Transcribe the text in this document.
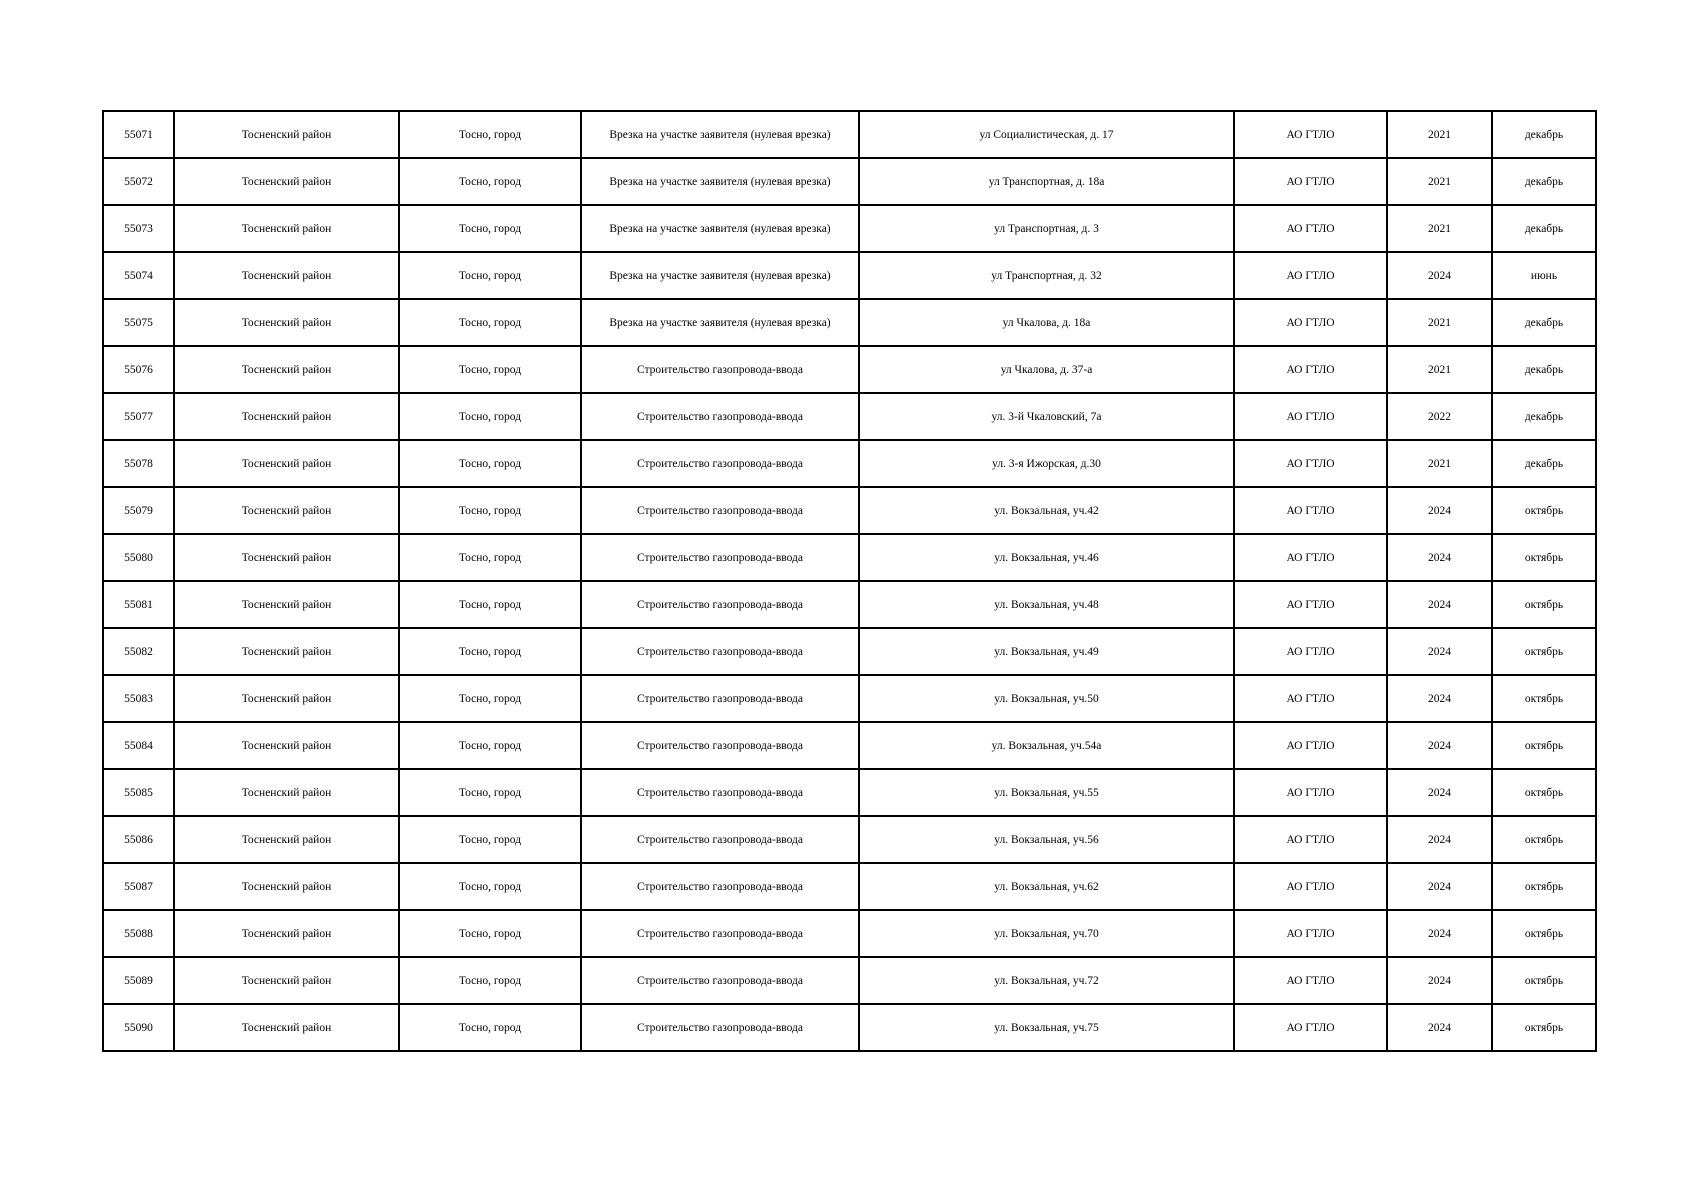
55071	Тосненский район	Тосно, город	Врезка на участке заявителя (нулевая врезка)	ул Социалистическая, д. 17	АО ГТЛО	2021	декабрь
55072	Тосненский район	Тосно, город	Врезка на участке заявителя (нулевая врезка)	ул Транспортная, д. 18а	АО ГТЛО	2021	декабрь
55073	Тосненский район	Тосно, город	Врезка на участке заявителя (нулевая врезка)	ул Транспортная, д. 3	АО ГТЛО	2021	декабрь
55074	Тосненский район	Тосно, город	Врезка на участке заявителя (нулевая врезка)	ул Транспортная, д. 32	АО ГТЛО	2024	июнь
55075	Тосненский район	Тосно, город	Врезка на участке заявителя (нулевая врезка)	ул Чкалова, д. 18а	АО ГТЛО	2021	декабрь
55076	Тосненский район	Тосно, город	Строительство газопровода-ввода	ул Чкалова, д. 37-а	АО ГТЛО	2021	декабрь
55077	Тосненский район	Тосно, город	Строительство газопровода-ввода	ул. 3-й Чкаловский, 7а	АО ГТЛО	2022	декабрь
55078	Тосненский район	Тосно, город	Строительство газопровода-ввода	ул. 3-я Ижорская, д.30	АО ГТЛО	2021	декабрь
55079	Тосненский район	Тосно, город	Строительство газопровода-ввода	ул. Вокзальная, уч.42	АО ГТЛО	2024	октябрь
55080	Тосненский район	Тосно, город	Строительство газопровода-ввода	ул. Вокзальная, уч.46	АО ГТЛО	2024	октябрь
55081	Тосненский район	Тосно, город	Строительство газопровода-ввода	ул. Вокзальная, уч.48	АО ГТЛО	2024	октябрь
55082	Тосненский район	Тосно, город	Строительство газопровода-ввода	ул. Вокзальная, уч.49	АО ГТЛО	2024	октябрь
55083	Тосненский район	Тосно, город	Строительство газопровода-ввода	ул. Вокзальная, уч.50	АО ГТЛО	2024	октябрь
55084	Тосненский район	Тосно, город	Строительство газопровода-ввода	ул. Вокзальная, уч.54а	АО ГТЛО	2024	октябрь
55085	Тосненский район	Тосно, город	Строительство газопровода-ввода	ул. Вокзальная, уч.55	АО ГТЛО	2024	октябрь
55086	Тосненский район	Тосно, город	Строительство газопровода-ввода	ул. Вокзальная, уч.56	АО ГТЛО	2024	октябрь
55087	Тосненский район	Тосно, город	Строительство газопровода-ввода	ул. Вокзальная, уч.62	АО ГТЛО	2024	октябрь
55088	Тосненский район	Тосно, город	Строительство газопровода-ввода	ул. Вокзальная, уч.70	АО ГТЛО	2024	октябрь
55089	Тосненский район	Тосно, город	Строительство газопровода-ввода	ул. Вокзальная, уч.72	АО ГТЛО	2024	октябрь
55090	Тосненский район	Тосно, город	Строительство газопровода-ввода	ул. Вокзальная, уч.75	АО ГТЛО	2024	октябрь
